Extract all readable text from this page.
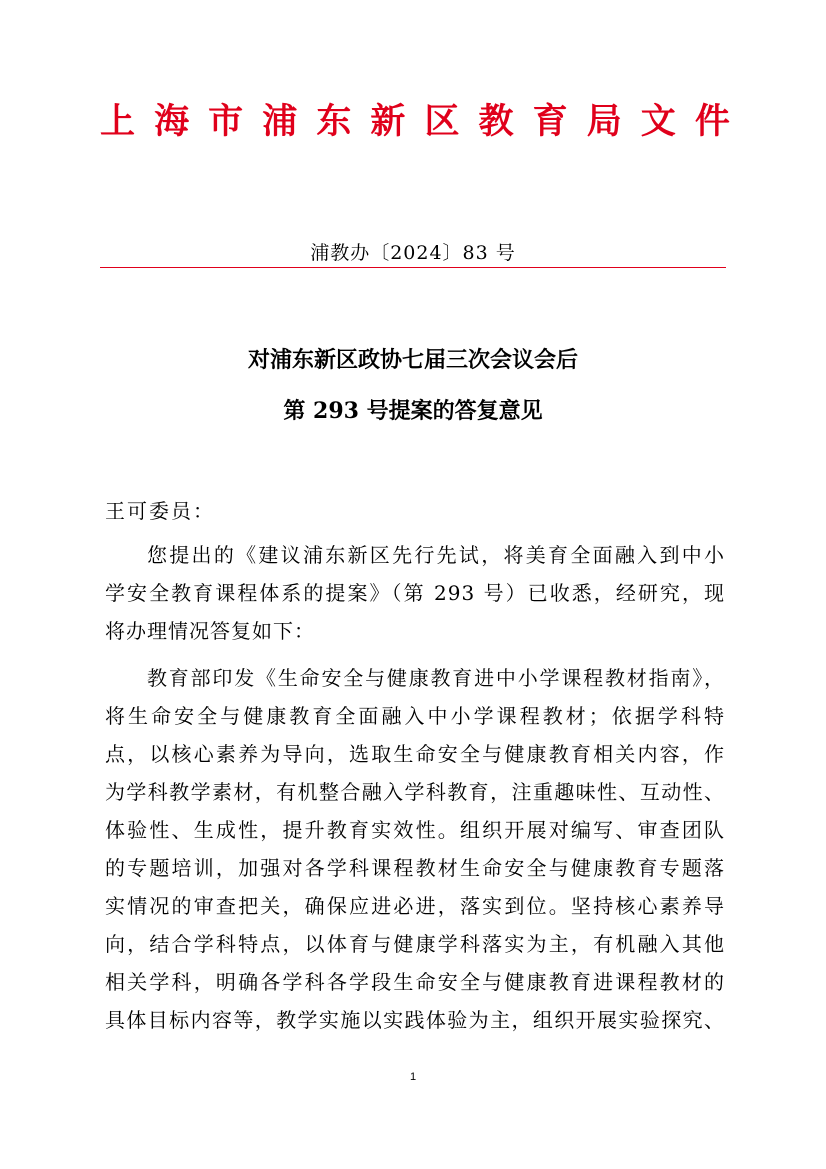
上 海 市 浦 东 新 区 教 育 局 文 件
浦教办〔2024〕83 号
对浦东新区政协七届三次会议会后
第 293 号提案的答复意见
王可委员：
您提出的《建议浦东新区先行先试，将美育全面融入到中小
学安全教育课程体系的提案》（第 293 号）已收悉，经研究，现
将办理情况答复如下：
教育部印发《生命安全与健康教育进中小学课程教材指南》，
将生命安全与健康教育全面融入中小学课程教材；依据学科特
点，以核心素养为导向，选取生命安全与健康教育相关内容，作
为学科教学素材，有机整合融入学科教育，注重趣味性、互动性、
体验性、生成性，提升教育实效性。组织开展对编写、审查团队
的专题培训，加强对各学科课程教材生命安全与健康教育专题落
实情况的审查把关，确保应进必进，落实到位。坚持核心素养导
向，结合学科特点，以体育与健康学科落实为主，有机融入其他
相关学科，明确各学科各学段生命安全与健康教育进课程教材的
具体目标内容等，教学实施以实践体验为主，组织开展实验探究、
1
